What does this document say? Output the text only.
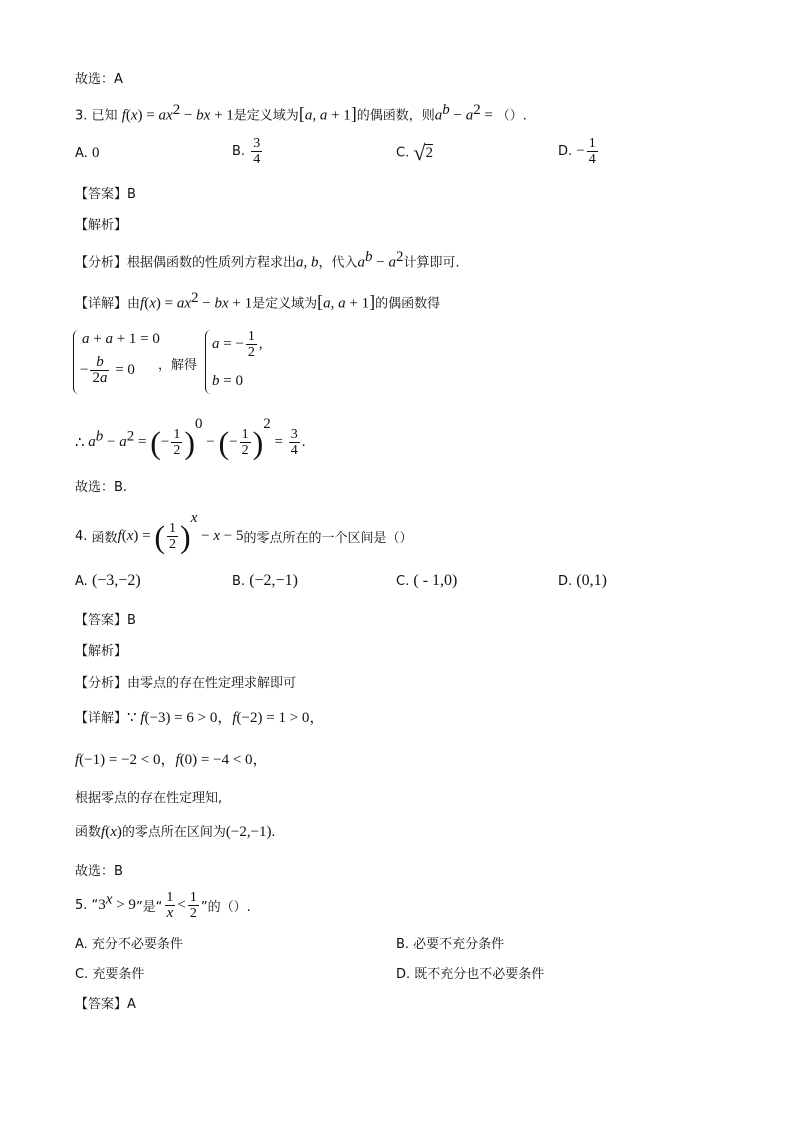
故选：A
3. 已知 $f(x) = ax^2$ − bx + 1是定义域为[a, a + 1]的偶函数，则$a^b - a^2$ = （）.
A. 0	B. $\frac{3}{4}$	C. √2	D. − $\frac{1}{4}$
【答案】B
【解析】
【分析】根据偶函数的性质列方程求出a, b，代入$a^b - a^2$计算即可.
【详解】由$f(x) = ax^2$ − bx + 1是定义域为[a, a + 1]的偶函数得
a + a + 1 = 0
− $\frac{b}{2a} = 0$ ，解得
a = − $\frac{1}{2}$ ,
b = 0
∴ $a^b - a^2$ = (− $\frac{1}{2} )^0$ − (− $\frac{1}{2} )^2 = \frac{3}{4}$ .
故选：B.
4. 函数f(x) = ( $\frac{1}{2} )^x - x - 5$的零点所在的一个区间是（）
A. (−3,−2)	B. (−2,−1)	C. ( - 1,0)	D. (0,1)
【答案】B
【解析】
【分析】由零点的存在性定理求解即可
【详解】∵ f(−3) = 6 > 0，f(−2) = 1 > 0，
f(−1) = −2 < 0，f(0) = −4 < 0，
根据零点的存在性定理知,
函数f(x)的零点所在区间为(−2,−1).
故选：B
5. “$3^x > 9$”是“ $\frac{1}{x} < \frac{1}{2}$ ”的（）.
A. 充分不必要条件	B. 必要不充分条件
C. 充要条件	D. 既不充分也不必要条件
【答案】A
